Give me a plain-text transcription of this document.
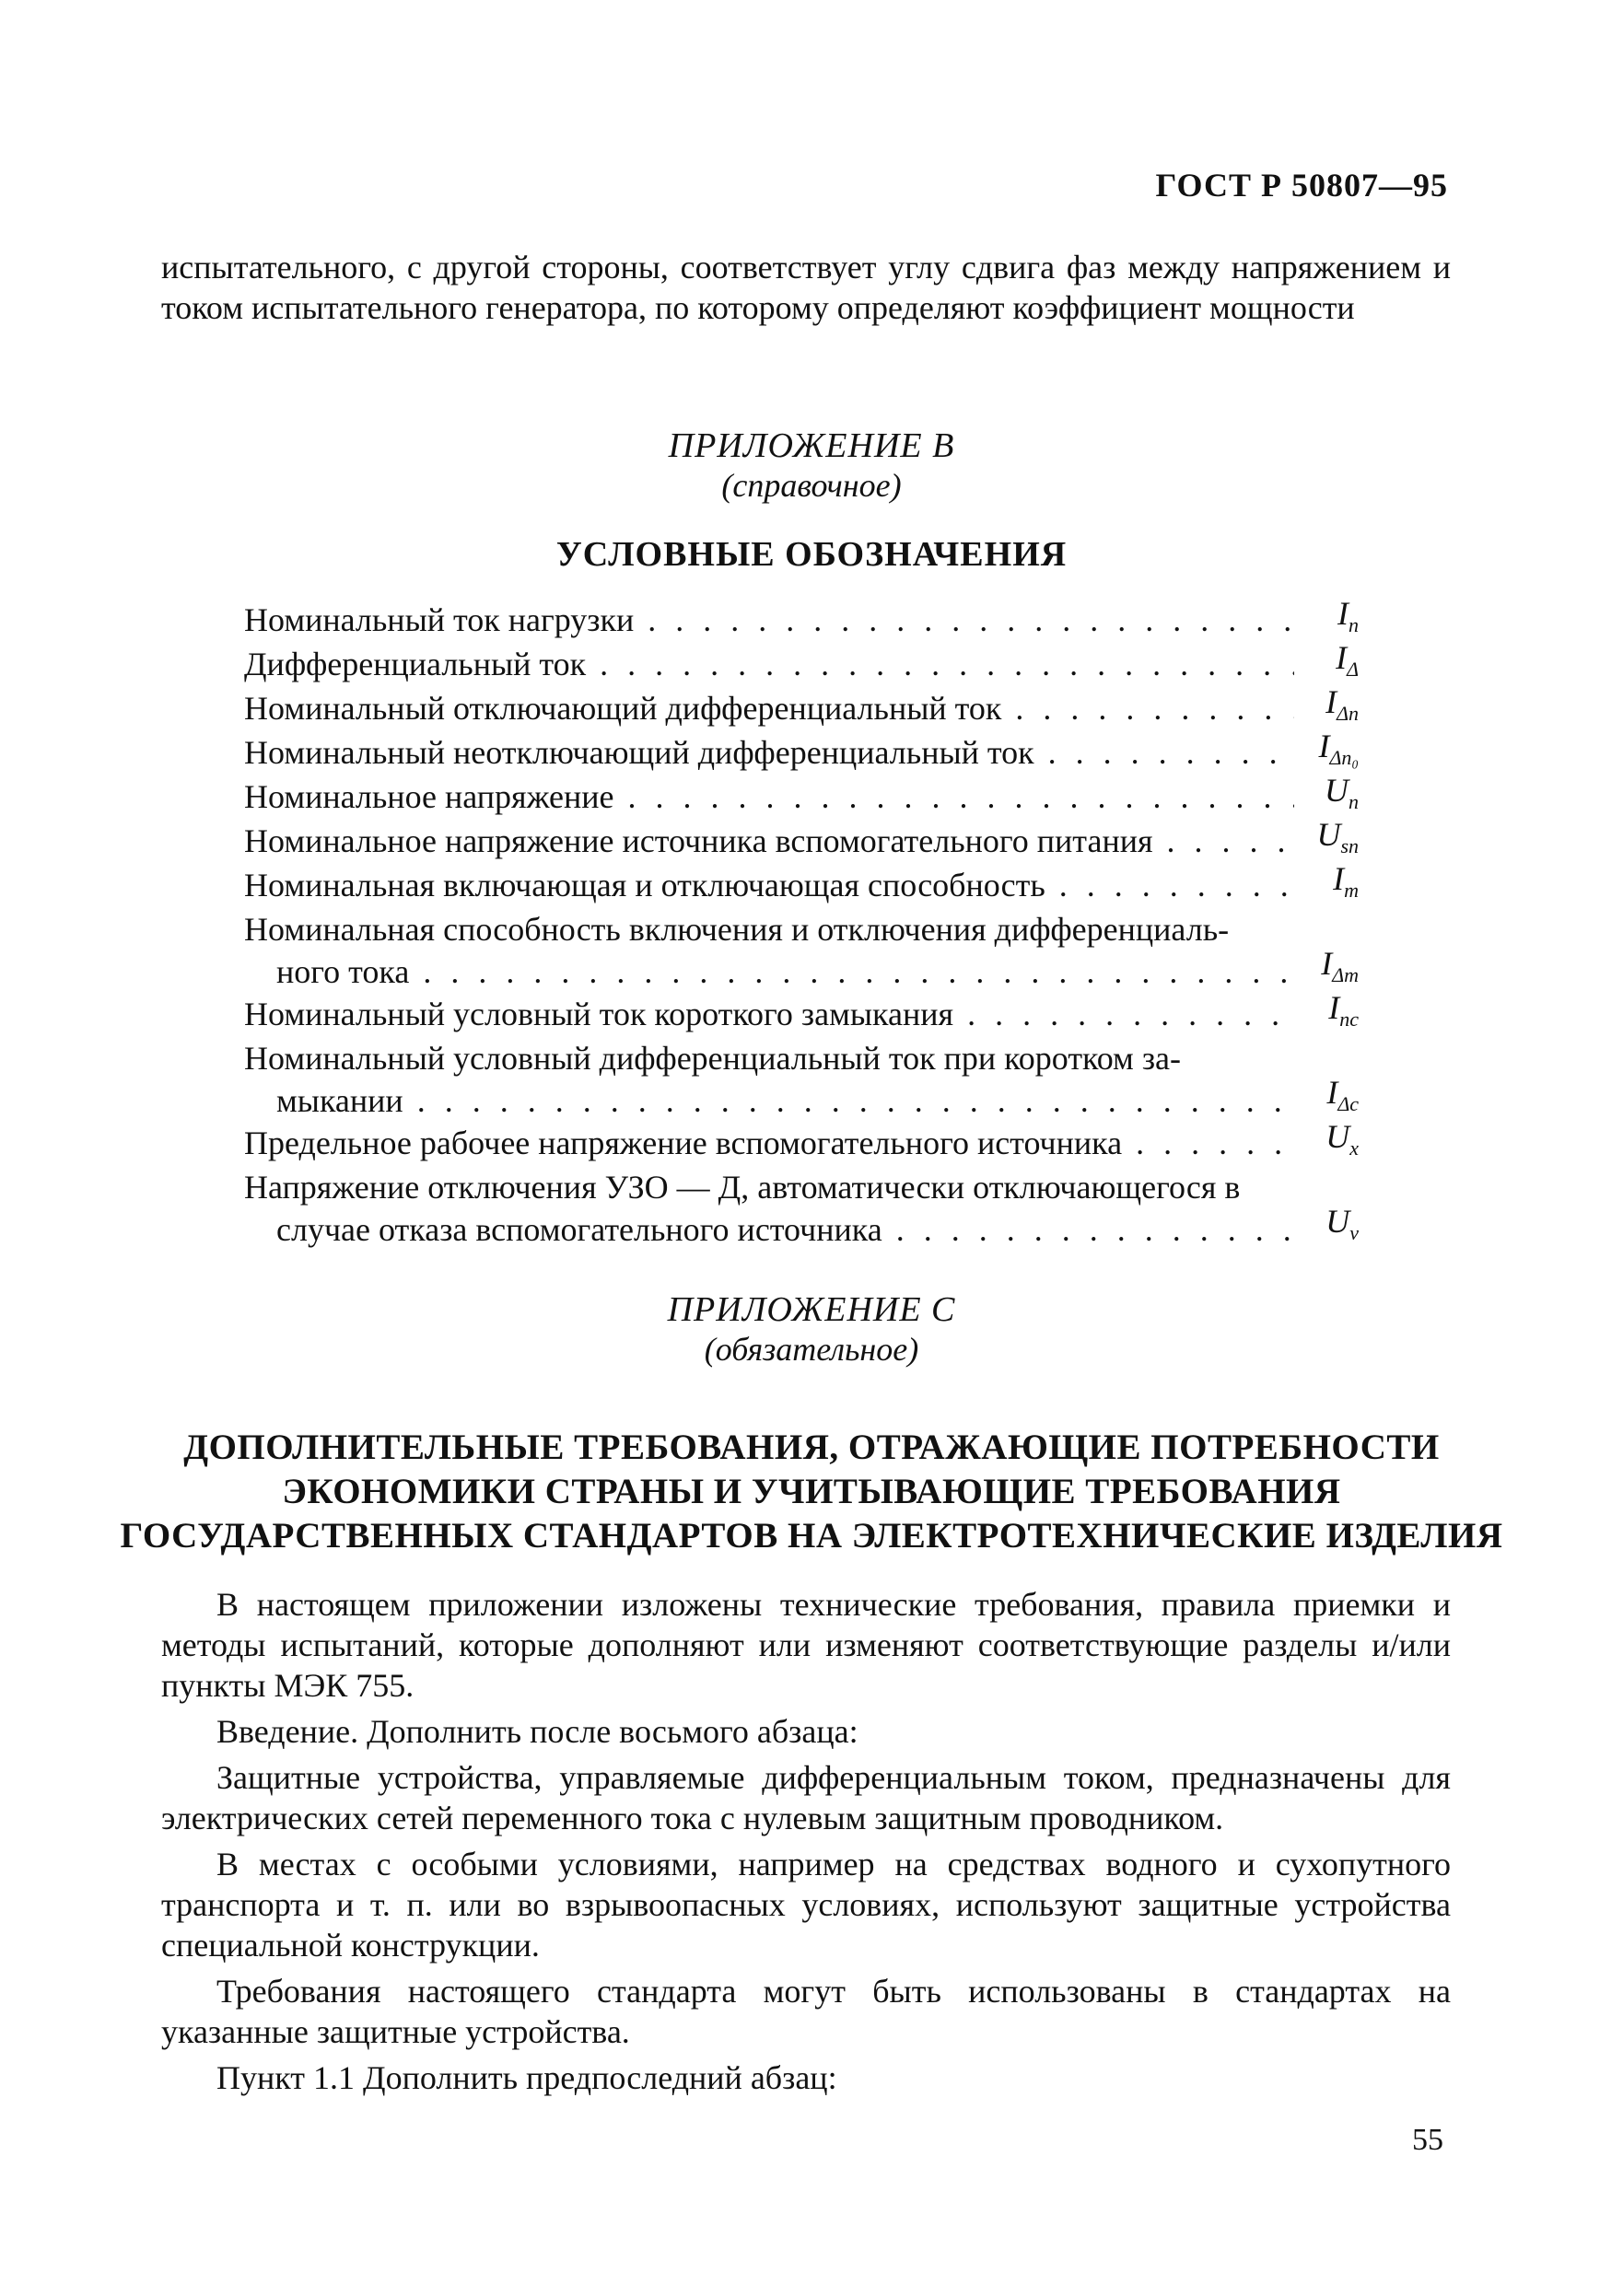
ГОСТ Р 50807—95
испытательного, с другой стороны, соответствует углу сдвига фаз между напряжением и током испытательного генератора, по которому определяют коэффициент мощности
ПРИЛОЖЕНИЕ В
(справочное)
УСЛОВНЫЕ ОБОЗНАЧЕНИЯ
Номинальный ток нагрузки . . .	$I_n$
Дифференциальный ток . . .	$I_\Delta$
Номинальный отключающий дифференциальный ток . . .	$I_{\Delta n}$
Номинальный неотключающий дифференциальный ток . . .	$I_{\Delta n_0}$
Номинальное напряжение . . .	$U_n$
Номинальное напряжение источника вспомогательного питания . . .	$U_{sn}$
Номинальная включающая и отключающая способность . . .	$I_m$
Номинальная способность включения и отключения дифференциаль-
ного тока . . .	$I_{\Delta m}$
Номинальный условный ток короткого замыкания . . .	$I_{nc}$
Номинальный условный дифференциальный ток при коротком за-
мыкании . . .	$I_{\Delta c}$
Предельное рабочее напряжение вспомогательного источника . . .	$U_x$
Напряжение отключения УЗО — Д, автоматически отключающегося в
случае отказа вспомогательного источника . . .	$U_v$
ПРИЛОЖЕНИЕ С
(обязательное)
ДОПОЛНИТЕЛЬНЫЕ ТРЕБОВАНИЯ, ОТРАЖАЮЩИЕ ПОТРЕБНОСТИ
ЭКОНОМИКИ СТРАНЫ И УЧИТЫВАЮЩИЕ ТРЕБОВАНИЯ
ГОСУДАРСТВЕННЫХ СТАНДАРТОВ НА ЭЛЕКТРОТЕХНИЧЕСКИЕ ИЗДЕЛИЯ
В настоящем приложении изложены технические требования, правила приемки и методы испытаний, которые дополняют или изменяют соответствующие разделы и/или пункты МЭК 755.
Введение. Дополнить после восьмого абзаца:
Защитные устройства, управляемые дифференциальным током, предназначены для электрических сетей переменного тока с нулевым защитным проводником.
В местах с особыми условиями, например на средствах водного и сухопутного транспорта и т. п. или во взрывоопасных условиях, используют защитные устройства специальной конструкции.
Требования настоящего стандарта могут быть использованы в стандартах на указанные защитные устройства.
Пункт 1.1 Дополнить предпоследний абзац:
55
